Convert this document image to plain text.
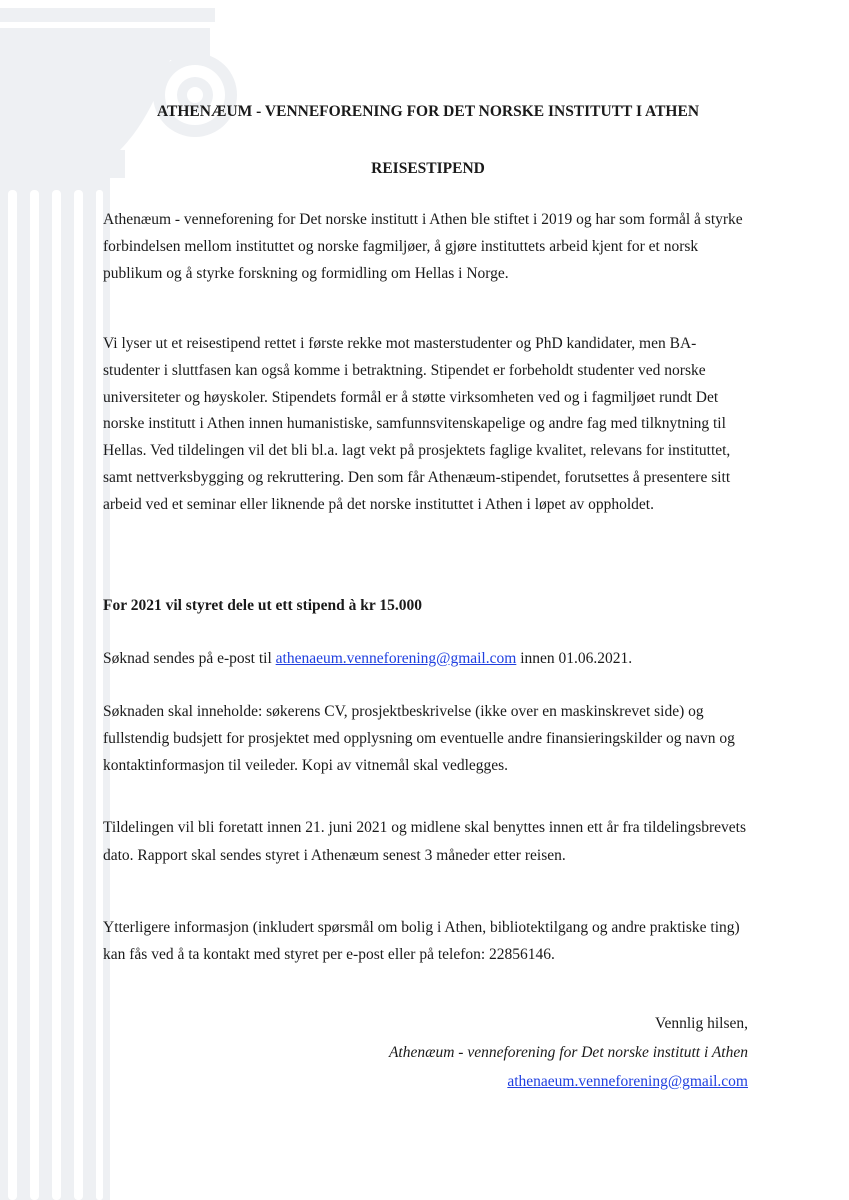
ATHENÆUM - VENNEFORENING FOR DET NORSKE INSTITUTT I ATHEN
REISESTIPEND

Athenæum - venneforening for Det norske institutt i Athen ble stiftet i 2019 og har som formål å styrke forbindelsen mellom instituttet og norske fagmiljøer, å gjøre instituttets arbeid kjent for et norsk publikum og å styrke forskning og formidling om Hellas i Norge.

Vi lyser ut et reisestipend rettet i første rekke mot masterstudenter og PhD kandidater, men BA-studenter i sluttfasen kan også komme i betraktning. Stipendet er forbeholdt studenter ved norske universiteter og høyskoler. Stipendets formål er å støtte virksomheten ved og i fagmiljøet rundt Det norske institutt i Athen innen humanistiske, samfunnsvitenskapelige og andre fag med tilknytning til Hellas. Ved tildelingen vil det bli bl.a. lagt vekt på prosjektets faglige kvalitet, relevans for instituttet, samt nettverksbygging og rekruttering. Den som får Athenæum-stipendet, forutsettes å presentere sitt arbeid ved et seminar eller liknende på det norske instituttet i Athen i løpet av oppholdet.

For 2021 vil styret dele ut ett stipend à kr 15.000

Søknad sendes på e-post til athenaeum.venneforening@gmail.com innen 01.06.2021.

Søknaden skal inneholde: søkerens CV, prosjektbeskrivelse (ikke over en maskinskrevet side) og fullstendig budsjett for prosjektet med opplysning om eventuelle andre finansieringskilder og navn og kontaktinformasjon til veileder. Kopi av vitnemål skal vedlegges.

Tildelingen vil bli foretatt innen 21. juni 2021 og midlene skal benyttes innen ett år fra tildelingsbrevets dato. Rapport skal sendes styret i Athenæum senest 3 måneder etter reisen.

Ytterligere informasjon (inkludert spørsmål om bolig i Athen, bibliotektilgang og andre praktiske ting) kan fås ved å ta kontakt med styret per e-post eller på telefon: 22856146.

Vennlig hilsen,
Athenæum - venneforening for Det norske institutt i Athen
athenaeum.venneforening@gmail.com
